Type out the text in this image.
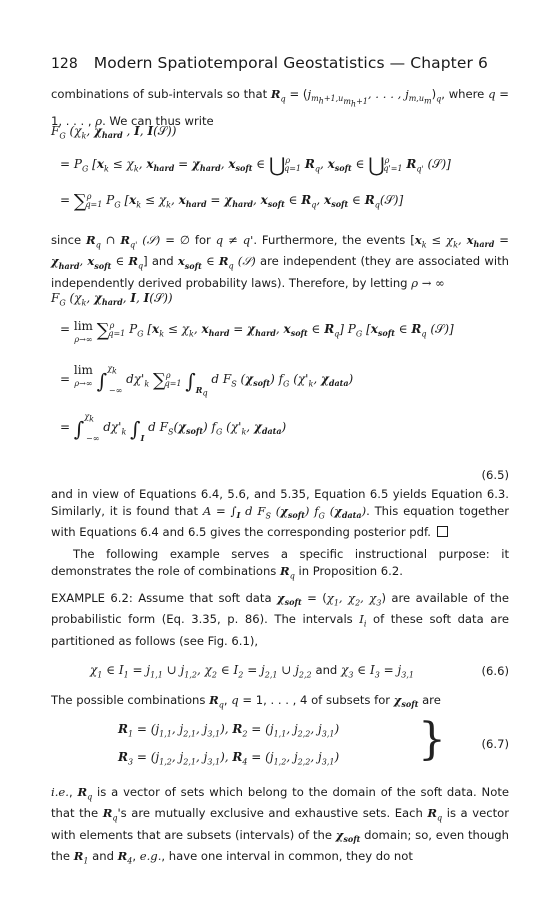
128 Modern Spatiotemporal Geostatistics — Chapter 6
combinations of sub-intervals so that $R_q = (j_{m_h+1,u_{m_h+1}}$, . . . , $j_{m,u_m})_q$, where q = 1, . . . , ρ. We can thus write
$F_G$ ($\chi_k$, $\chi_{hard}$ , I, I(𝒮))
= $P_G$ [$x_k \le \chi_k$, $x_{hard} = \chi_{hard}$, $x_{soft}$ ∈ ⋃$^\rho_{q=1}$ $R_q$, $x_{soft}$ ∈ ⋃$^\rho_{q'=1}$ $R_{q'}$ (𝒮)]
= ∑$^\rho_{q=1}$ $P_G$ [$x_k \le \chi_k$, $x_{hard} = \chi_{hard}$, $x_{soft}$ ∈ $R_q$, $x_{soft}$ ∈ $R_q(𝒮)$]
since $R_q$ ∩ $R_{q'}$ (𝒮) = ∅ for q ≠ q'. Furthermore, the events [$x_k \le \chi_k$, $x_{hard} = \chi_{hard}$, $x_{soft}$ ∈ $R_q$] and $x_{soft}$ ∈ $R_q$ (𝒮) are independent (they are associated with independently derived probability laws). Therefore, by letting ρ → ∞
$F_G$ ($\chi_k$, $\chi_{hard}$, I, I(𝒮))
= lim
ρ→∞ ∑$^\rho_{q=1}$ $P_G$ [$x_k \le \chi_k$, $x_{hard} = \chi_{hard}$, $x_{soft}$ ∈ $R_q$] $P_G$ [$x_{soft}$ ∈ $R_q$ (𝒮)]
= lim
ρ→∞ ∫$^{\chi_k}_{-\infty}$ $d\chi'_k$ ∑$^\rho_{q=1}$ $\int_{R_q}$ d $F_S$ $(\chi_{soft})$ $f_G$ ($\chi'_k$, $\chi_{data}$)
= ∫$^{\chi_k}_{-\infty}$ $d\chi'_k$ $\int_I$ d $F_S(\chi_{soft})$ $f_G$ ($\chi'_k$, $\chi_{data}$)
(6.5)
and in view of Equations 6.4, 5.6, and 5.35, Equation 6.5 yields Equation 6.3. Similarly, it is found that $A = \int_I$ d $F_S$ $(\chi_{soft})$ $f_G$ $(\chi_{data})$. This equation together with Equations 6.4 and 6.5 gives the corresponding posterior pdf.
The following example serves a specific instructional purpose: it demonstrates the role of combinations $R_q$ in Proposition 6.2.
EXAMPLE 6.2: Assume that soft data $\chi_{soft} = (\chi_1$, $\chi_2$, $\chi_3$) are available of the probabilistic form (Eq. 3.35, p. 86). The intervals $I_i$ of these soft data are partitioned as follows (see Fig. 6.1),
$\chi_1$ ∈ $I_1 = j_{1,1}$ ∪ $j_{1,2}$, $\chi_2$ ∈ $I_2 = j_{2,1}$ ∪ $j_{2,2}$ and $\chi_3$ ∈ $I_3 = j_{3,1}$	(6.6)
The possible combinations $R_q$, q = 1, . . . , 4 of subsets for $\chi_{soft}$ are
$R_1 = (j_{1,1}$, $j_{2,1}$, $j_{3,1}$), $R_2 = (j_{1,1}$, $j_{2,2}$, $j_{3,1}$)
$R_3 = (j_{1,2}$, $j_{2,1}$, $j_{3,1}$), $R_4 = (j_{1,2}$, $j_{2,2}$, $j_{3,1}$) }	(6.7)
i.e., $R_q$ is a vector of sets which belong to the domain of the soft data. Note that the $R_q's$ are mutually exclusive and exhaustive sets. Each $R_q$ is a vector with elements that are subsets (intervals) of the $\chi_{soft}$ domain; so, even though the $R_1$ and $R_4$, e.g., have one interval in common, they do not
